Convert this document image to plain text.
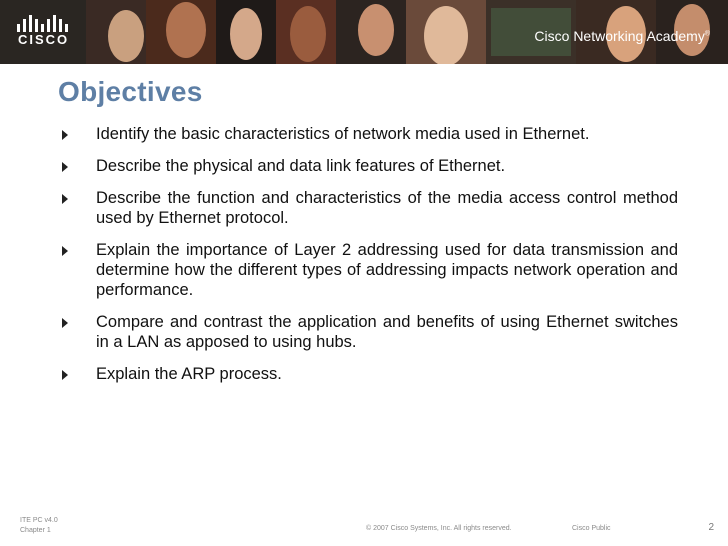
CISCO	Cisco Networking Academy®
Objectives
Identify the basic characteristics of network media used in Ethernet.
Describe the physical and data link features of Ethernet.
Describe the function and characteristics of the media access control method used by Ethernet protocol.
Explain the importance of Layer 2 addressing used for data transmission and determine how the different types of addressing impacts network operation and performance.
Compare and contrast the application and benefits of using Ethernet switches in a LAN as apposed to using hubs.
Explain the ARP process.
ITE PC v4.0
Chapter 1	© 2007 Cisco Systems, Inc. All rights reserved.	Cisco Public	2
